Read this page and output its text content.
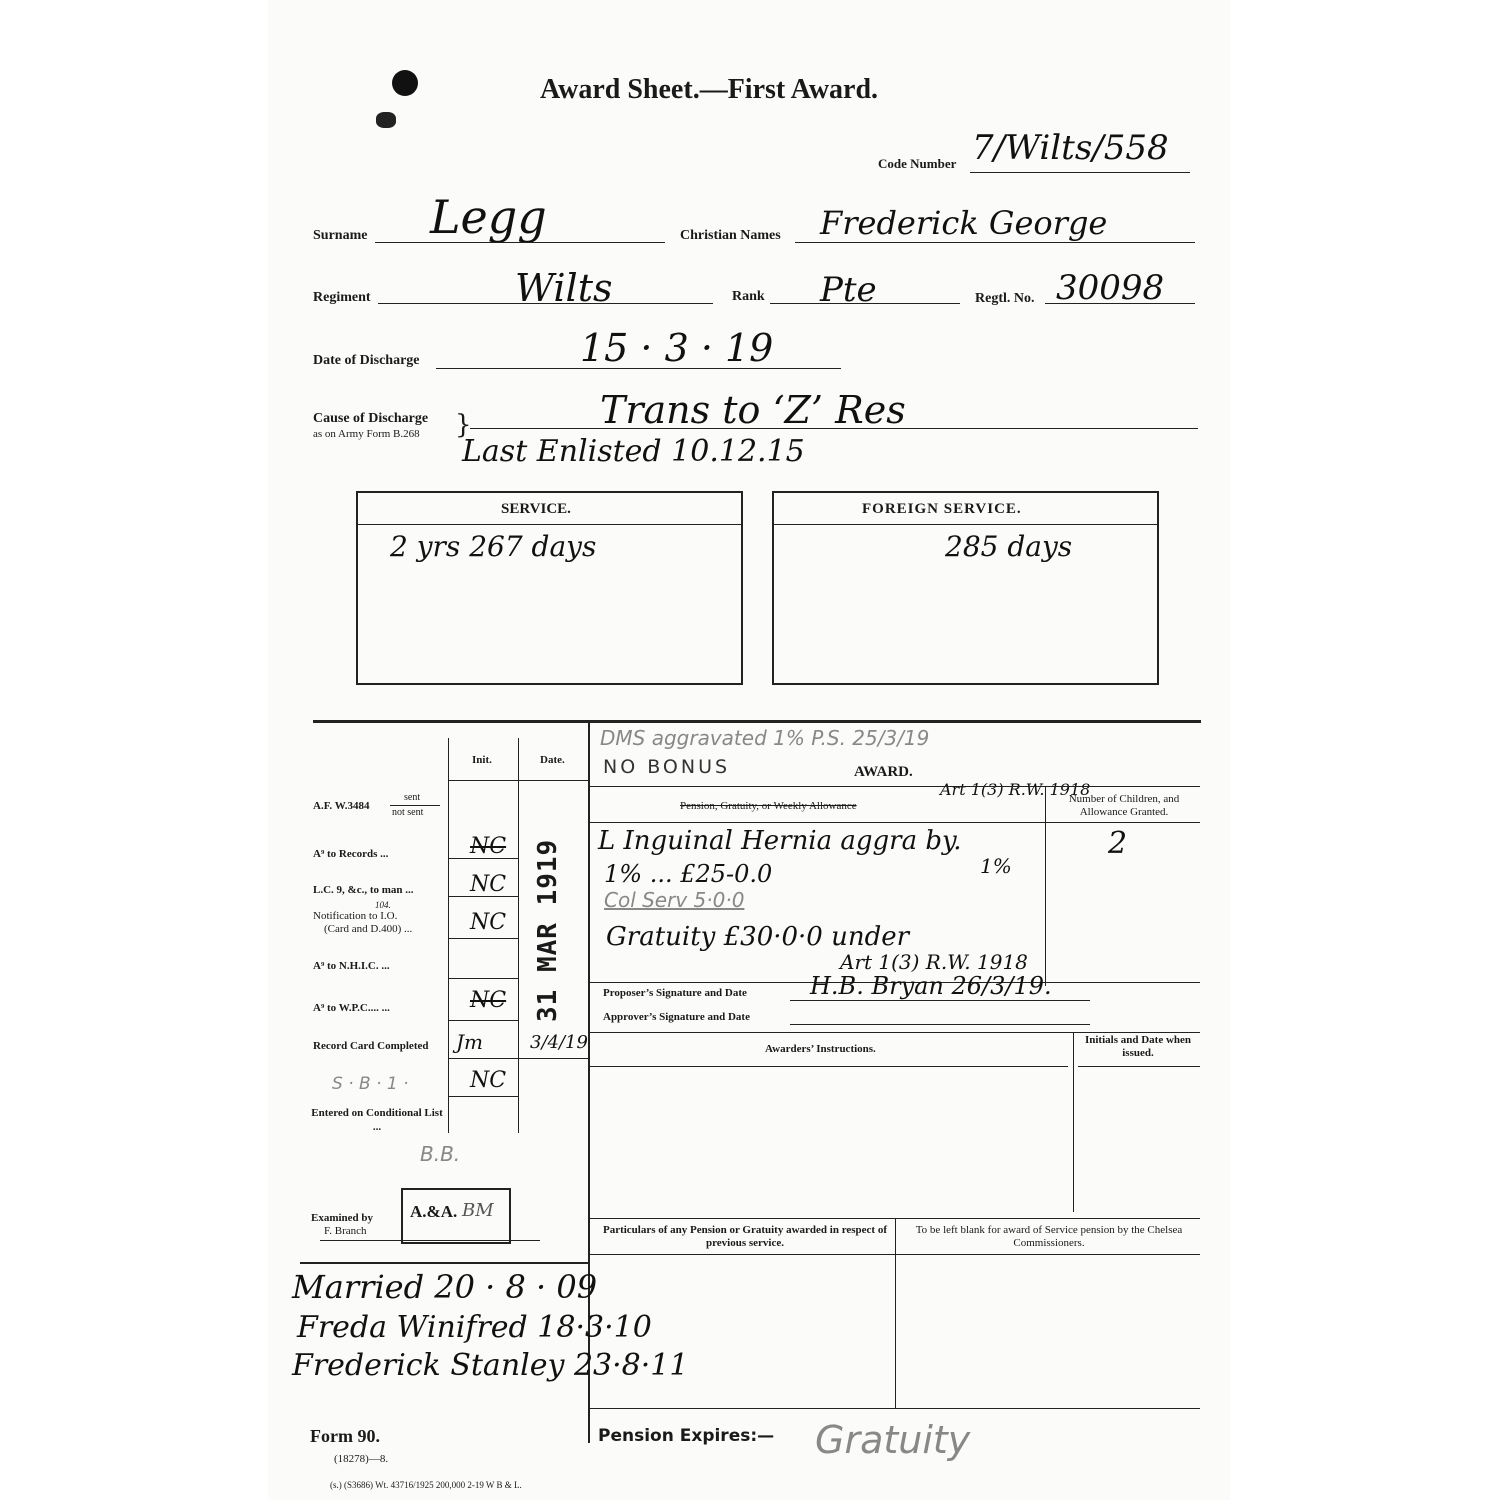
Award Sheet.—First Award.
Code Number 7/Wilts/558
Surname Legg	Christian Names Frederick George
Regiment	Wilts	Rank Pte	Regtl. No. 30098
Date of Discharge	15 · 3 · 19
Cause of Discharge
as on Army Form B.268 }	Trans to ‘Z’ Res
Last Enlisted 10.12.15
SERVICE.
2 yrs 267 days
FOREIGN SERVICE.
285 days
Init.	Date.
A.F. W.3484
sent
not sent
A⁹ to Records ...	NC
L.C. 9, &c., to man ...	NC
104.
Notification to I.O.
(Card and D.400) ...	NC
A⁹ to N.H.I.C. ...
A⁹ to W.P.C.... ...	NC
Record Card Completed Jm	3/4/19
S · B · 1 ·	NC
Entered on Conditional List ...
31 MAR 1919
B.B.
Examined by
F. Branch
A.&A. BM
Married 20 · 8 · 09
Freda Winifred 18·3·10
Frederick Stanley 23·8·11
Form 90.
(18278)—8.
(s.) (S3686) Wt. 43716/1925 200,000 2-19 W B & L.
DMS aggravated 1% P.S. 25/3/19
NO BONUS	AWARD.
Art 1(3) R.W. 1918
Pension, Gratuity, or Weekly Allowance
Number of Children, and Allowance Granted.
2
L Inguinal Hernia aggra by.
1%
1% ... £25-0.0
Col Serv 5·0·0
Gratuity £30·0·0 under
Art 1(3) R.W. 1918
Proposer’s Signature and Date	H.B. Bryan 26/3/19.
Approver’s Signature and Date
Awarders’ Instructions.
Initials and Date when issued.
Particulars of any Pension or Gratuity awarded in respect of previous service.
To be left blank for award of Service pension by the Chelsea Commissioners.
Pension Expires:— Gratuity
